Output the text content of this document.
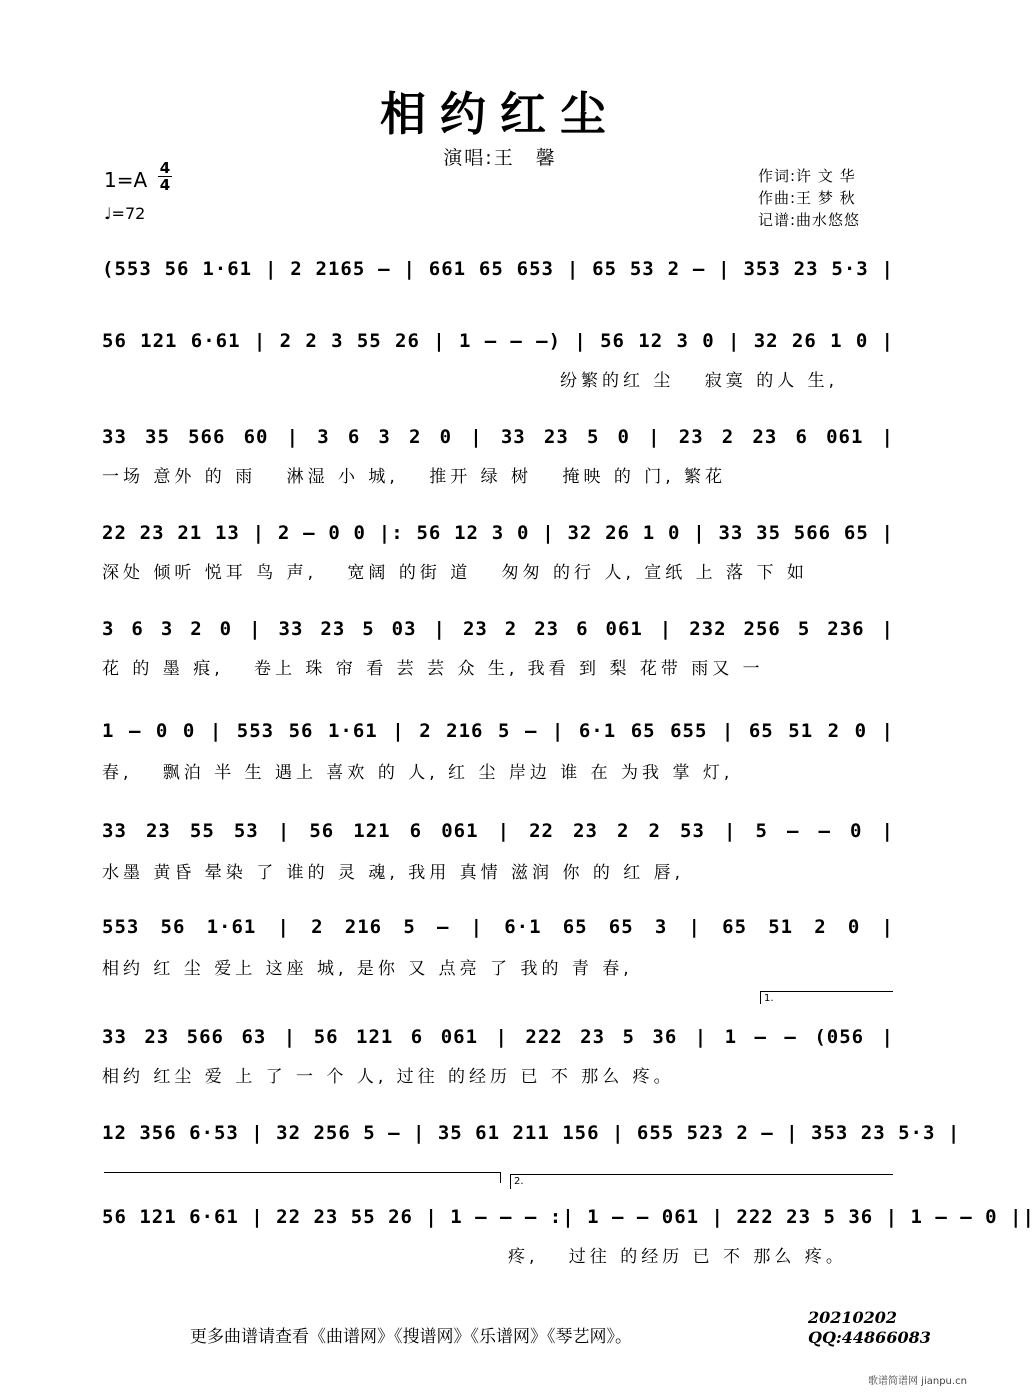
相约红尘
演唱:王　馨
1=A 4
4
♩=72
作词:许 文 华
作曲:王 梦 秋
记谱:曲水悠悠
(553 56 1·61 | 2 2165 – | 661 65 653 | 65 53 2 – | 353 23 5·3 |
56 121 6·61 | 2 2 3 55 26 | 1 – – –) | 56 12 3 0 | 32 26 1 0 |
纷繁的红 尘　 寂寞 的人 生,
33 35 566 60 | 3 6 3 2 0 | 33 23 5 0 | 23 2 23 6 061 |
一场 意外 的 雨　 淋湿 小 城,　 推开 绿 树　 掩映 的 门, 繁花
22 23 21 13 | 2 – 0 0 |: 56 12 3 0 | 32 26 1 0 | 33 35 566 65 |
深处 倾听 悦耳 鸟 声,　 宽阔 的街 道　 匆匆 的行 人, 宣纸 上 落 下 如
3 6 3 2 0 | 33 23 5 03 | 23 2 23 6 061 | 232 256 5 236 |
花 的 墨 痕,　 卷上 珠 帘 看 芸 芸 众 生, 我看 到 梨 花带 雨又 一
1 – 0 0 | 553 56 1·61 | 2 216 5 – | 6·1 65 655 | 65 51 2 0 |
春,　 飘泊 半 生 遇上 喜欢 的 人, 红 尘 岸边 谁 在 为我 掌 灯,
33 23 55 53 | 56 121 6 061 | 22 23 2 2 53 | 5 – – 0 |
水墨 黄昏 晕染 了 谁的 灵 魂, 我用 真情 滋润 你 的 红 唇,
553 56 1·61 | 2 216 5 – | 6·1 65 65 3 | 65 51 2 0 |
相约 红 尘 爱上 这座 城, 是你 又 点亮 了 我的 青 春,
1.
33 23 566 63 | 56 121 6 061 | 222 23 5 36 | 1 – – (056 |
相约 红尘 爱 上 了 一 个 人, 过往 的经历 已 不 那么 疼。
12 356 6·53 | 32 256 5 – | 35 61 211 156 | 655 523 2 – | 353 23 5·3 |
2.
56 121 6·61 | 22 23 55 26 | 1 – – – :| 1 – – 061 | 222 23 5 36 | 1 – – 0 ||
疼,　 过往 的经历 已 不 那么 疼。
更多曲谱请查看《曲谱网》《搜谱网》《乐谱网》《琴艺网》。
20210202
QQ:44866083
歌谱简谱网 jianpu.cn
